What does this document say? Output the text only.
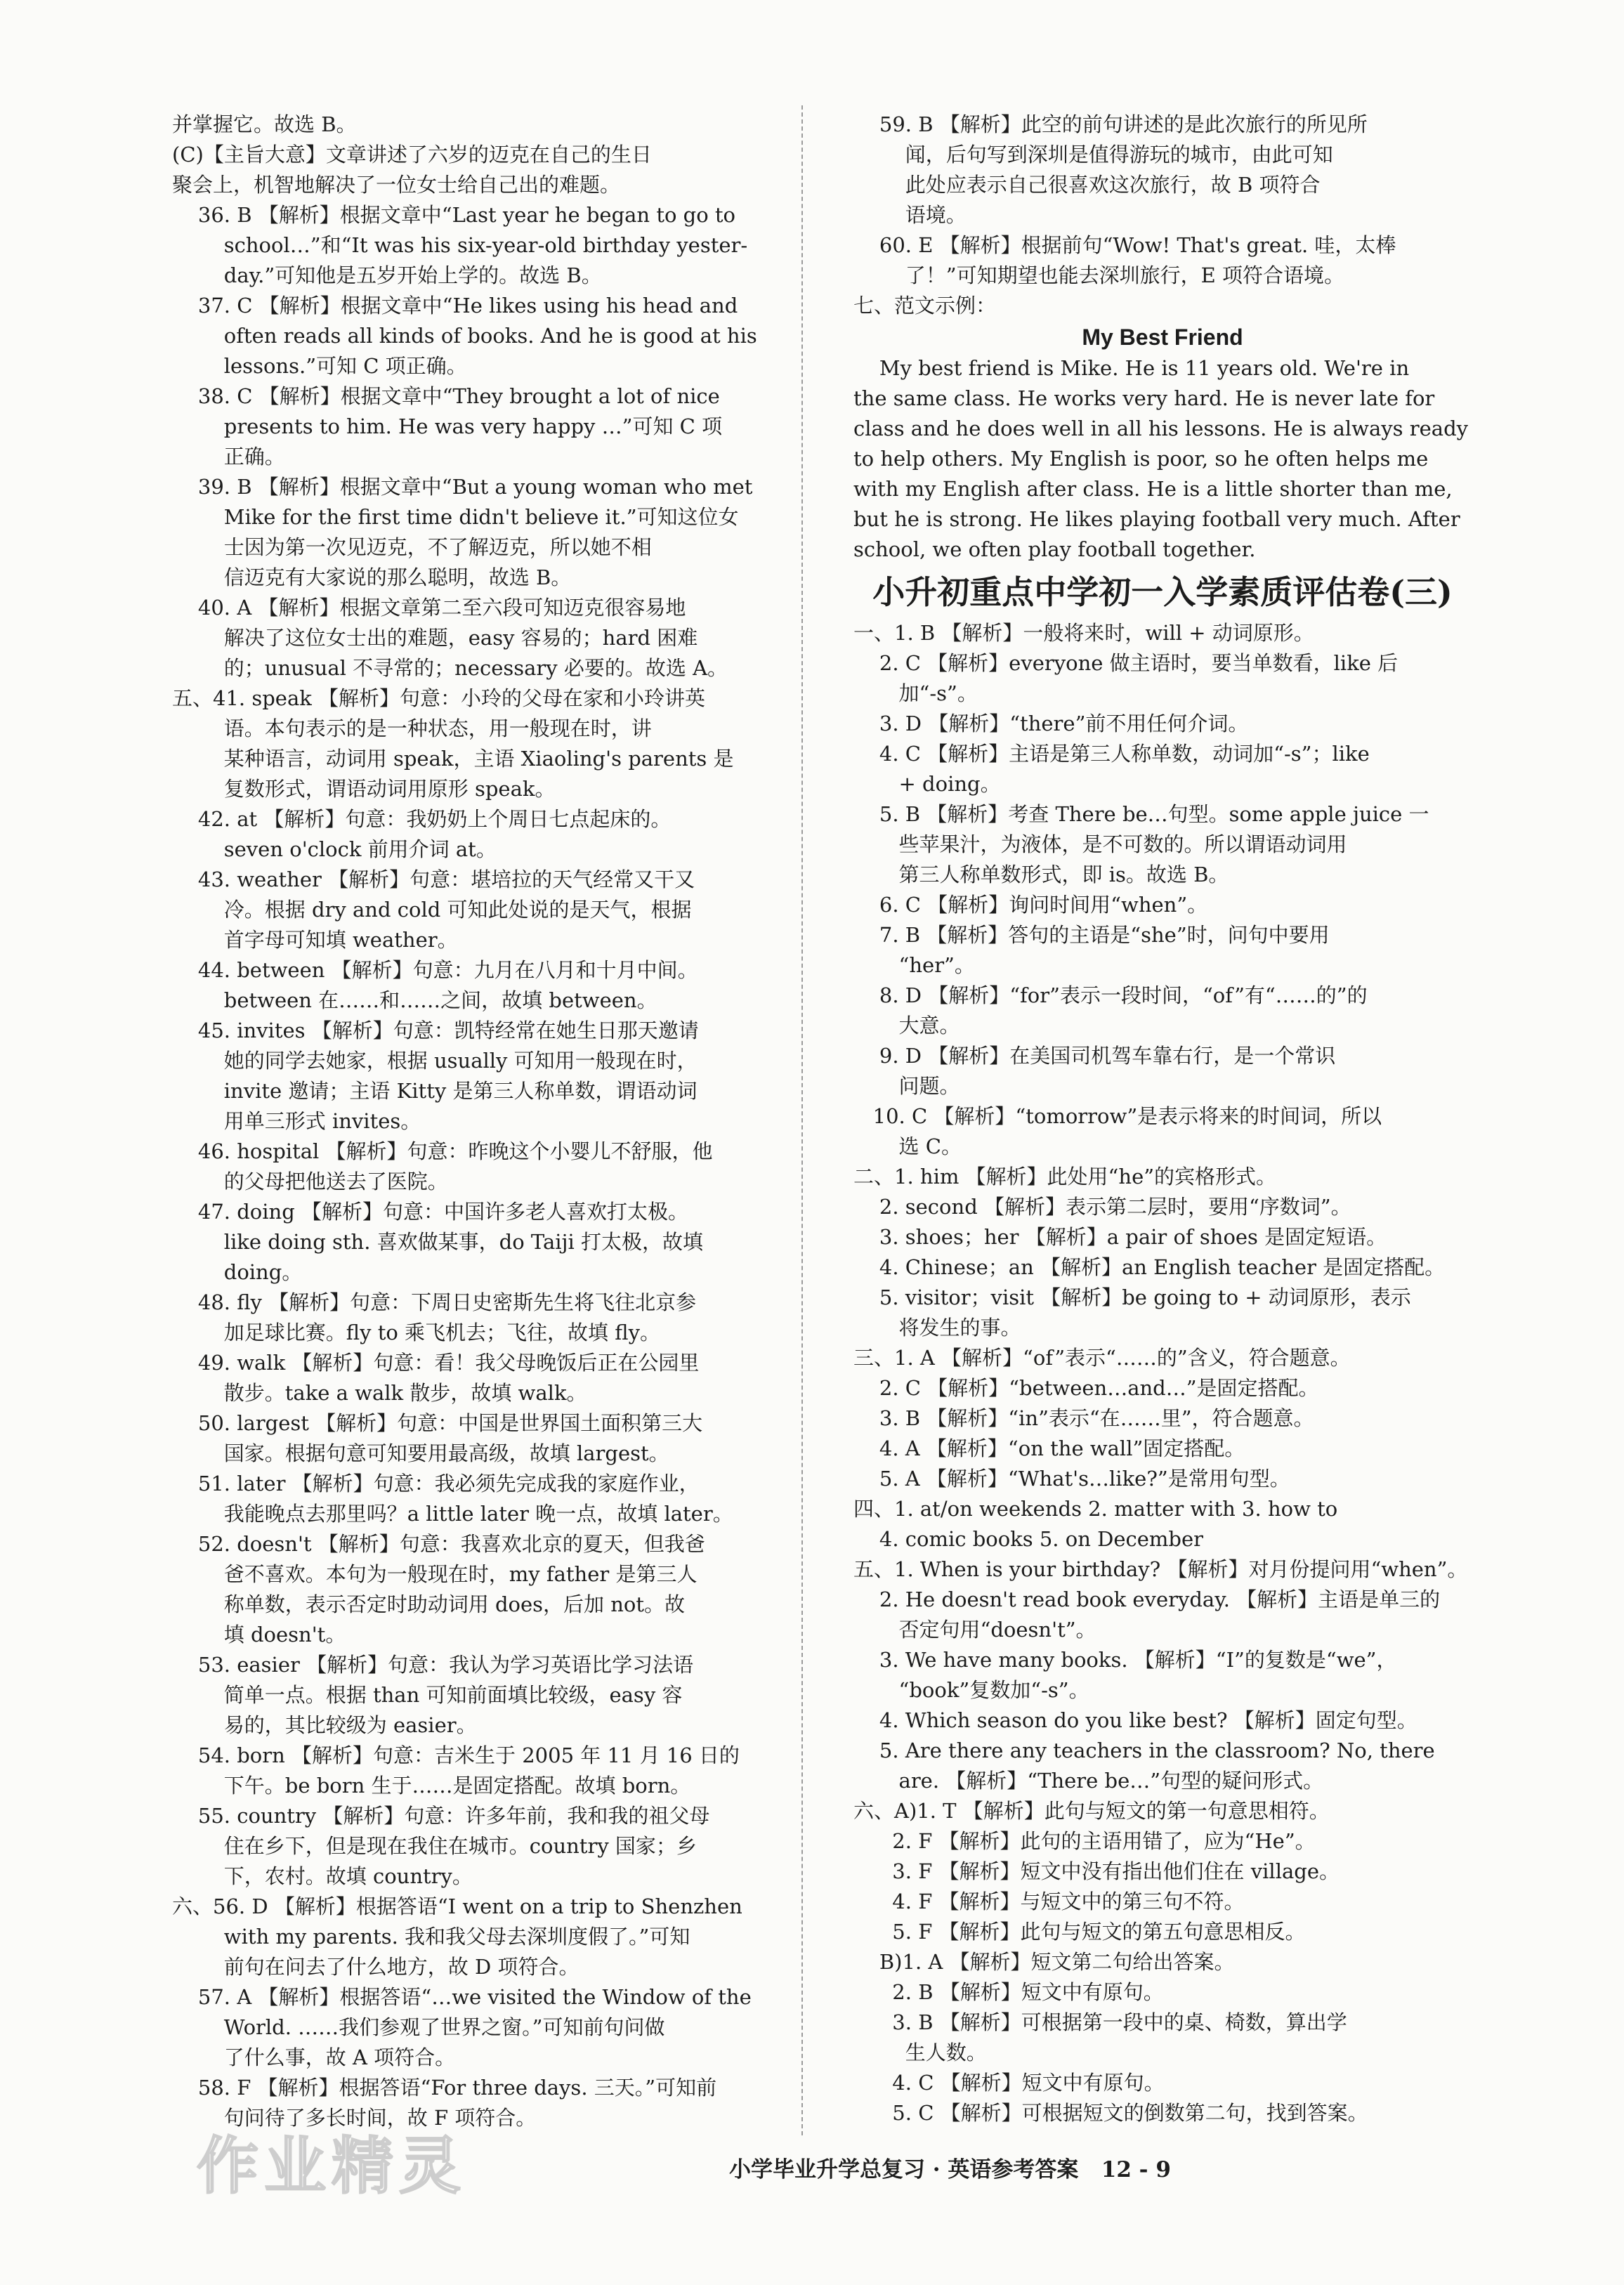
并掌握它。故选 B。
(C)【主旨大意】文章讲述了六岁的迈克在自己的生日
聚会上，机智地解决了一位女士给自己出的难题。
36. B 【解析】根据文章中“Last year he began to go to

school…”和“It was his six-year-old birthday yester-

day.”可知他是五岁开始上学的。故选 B。
37. C 【解析】根据文章中“He likes using his head and

often reads all kinds of books. And he is good at his

lessons.”可知 C 项正确。
38. C 【解析】根据文章中“They brought a lot of nice

presents to him. He was very happy …”可知 C 项

正确。
39. B 【解析】根据文章中“But a young woman who met

Mike for the first time didn't believe it.”可知这位女

士因为第一次见迈克，不了解迈克，所以她不相

信迈克有大家说的那么聪明，故选 B。
40. A 【解析】根据文章第二至六段可知迈克很容易地

解决了这位女士出的难题，easy 容易的；hard 困难

的；unusual 不寻常的；necessary 必要的。故选 A。
五、41. speak 【解析】句意：小玲的父母在家和小玲讲英

语。本句表示的是一种状态，用一般现在时，讲

某种语言，动词用 speak，主语 Xiaoling's parents 是

复数形式，谓语动词用原形 speak。
42. at 【解析】句意：我奶奶上个周日七点起床的。

seven o'clock 前用介词 at。
43. weather 【解析】句意：堪培拉的天气经常又干又

冷。根据 dry and cold 可知此处说的是天气，根据

首字母可知填 weather。
44. between 【解析】句意：九月在八月和十月中间。

between 在……和……之间，故填 between。
45. invites 【解析】句意：凯特经常在她生日那天邀请

她的同学去她家，根据 usually 可知用一般现在时，

invite 邀请；主语 Kitty 是第三人称单数，谓语动词

用单三形式 invites。
46. hospital 【解析】句意：昨晚这个小婴儿不舒服，他

的父母把他送去了医院。
47. doing 【解析】句意：中国许多老人喜欢打太极。

like doing sth. 喜欢做某事，do Taiji 打太极，故填

doing。
48. fly 【解析】句意：下周日史密斯先生将飞往北京参

加足球比赛。fly to 乘飞机去；飞往，故填 fly。
49. walk 【解析】句意：看！我父母晚饭后正在公园里

散步。take a walk 散步，故填 walk。
50. largest 【解析】句意：中国是世界国土面积第三大

国家。根据句意可知要用最高级，故填 largest。
51. later 【解析】句意：我必须先完成我的家庭作业，

我能晚点去那里吗？a little later 晚一点，故填 later。
52. doesn't 【解析】句意：我喜欢北京的夏天，但我爸

爸不喜欢。本句为一般现在时，my father 是第三人

称单数，表示否定时助动词用 does，后加 not。故

填 doesn't。
53. easier 【解析】句意：我认为学习英语比学习法语

简单一点。根据 than 可知前面填比较级，easy 容

易的，其比较级为 easier。
54. born 【解析】句意：吉米生于 2005 年 11 月 16 日的

下午。be born 生于……是固定搭配。故填 born。
55. country 【解析】句意：许多年前，我和我的祖父母

住在乡下，但是现在我住在城市。country 国家；乡

下，农村。故填 country。
六、56. D 【解析】根据答语“I went on a trip to Shenzhen

with my parents. 我和我父母去深圳度假了。”可知

前句在问去了什么地方，故 D 项符合。
57. A 【解析】根据答语“…we visited the Window of the

World. ……我们参观了世界之窗。”可知前句问做

了什么事，故 A 项符合。
58. F 【解析】根据答语“For three days. 三天。”可知前

句问待了多长时间，故 F 项符合。
59. B 【解析】此空的前句讲述的是此次旅行的所见所

闻，后句写到深圳是值得游玩的城市，由此可知

此处应表示自己很喜欢这次旅行，故 B 项符合

语境。
60. E 【解析】根据前句“Wow! That's great. 哇，太棒

了！”可知期望也能去深圳旅行，E 项符合语境。
七、 范文示例：
My Best Friend
My best friend is Mike. He is 11 years old. We're in
the same class. He works very hard. He is never late for
class and he does well in all his lessons. He is always ready
to help others. My English is poor, so he often helps me
with my English after class. He is a little shorter than me,
but he is strong. He likes playing football very much. After
school, we often play football together.
小升初重点中学初一入学素质评估卷(三)
一、1. B 【解析】一般将来时，will + 动词原形。
2. C 【解析】everyone 做主语时，要当单数看，like 后

加“-s”。
3. D 【解析】“there”前不用任何介词。
4. C 【解析】主语是第三人称单数，动词加“-s”；like

+ doing。
5. B 【解析】考查 There be…句型。some apple juice 一

些苹果汁，为液体，是不可数的。所以谓语动词用

第三人称单数形式，即 is。故选 B。
6. C 【解析】询问时间用“when”。
7. B 【解析】答句的主语是“she”时，问句中要用

“her”。
8. D 【解析】“for”表示一段时间，“of”有“……的”的

大意。
9. D 【解析】在美国司机驾车靠右行，是一个常识

问题。
10. C 【解析】“tomorrow”是表示将来的时间词，所以

选 C。
二、1. him 【解析】此处用“he”的宾格形式。
2. second 【解析】表示第二层时，要用“序数词”。
3. shoes；her 【解析】a pair of shoes 是固定短语。
4. Chinese；an 【解析】an English teacher 是固定搭配。
5. visitor；visit 【解析】be going to + 动词原形，表示

将发生的事。
三、1. A 【解析】“of”表示“……的”含义，符合题意。
2. C 【解析】“between…and…”是固定搭配。
3. B 【解析】“in”表示“在……里”，符合题意。
4. A 【解析】“on the wall”固定搭配。
5. A 【解析】“What's…like?”是常用句型。
四、1. at/on weekends 2. matter with 3. how to
4. comic books 5. on December
五、1. When is your birthday? 【解析】对月份提问用“when”。
2. He doesn't read book everyday. 【解析】主语是单三的

否定句用“doesn't”。
3. We have many books. 【解析】“I”的复数是“we”，

“book”复数加“-s”。
4. Which season do you like best? 【解析】固定句型。
5. Are there any teachers in the classroom? No, there

are. 【解析】“There be…”句型的疑问形式。
六、A)1. T 【解析】此句与短文的第一句意思相符。
2. F 【解析】此句的主语用错了，应为“He”。
3. F 【解析】短文中没有指出他们住在 village。
4. F 【解析】与短文中的第三句不符。
5. F 【解析】此句与短文的第五句意思相反。
B)1. A 【解析】短文第二句给出答案。
2. B 【解析】短文中有原句。
3. B 【解析】可根据第一段中的桌、椅数，算出学

生人数。
4. C 【解析】短文中有原句。
5. C 【解析】可根据短文的倒数第二句，找到答案。
作业精灵	小学毕业升学总复习 · 英语参考答案   12 - 9
